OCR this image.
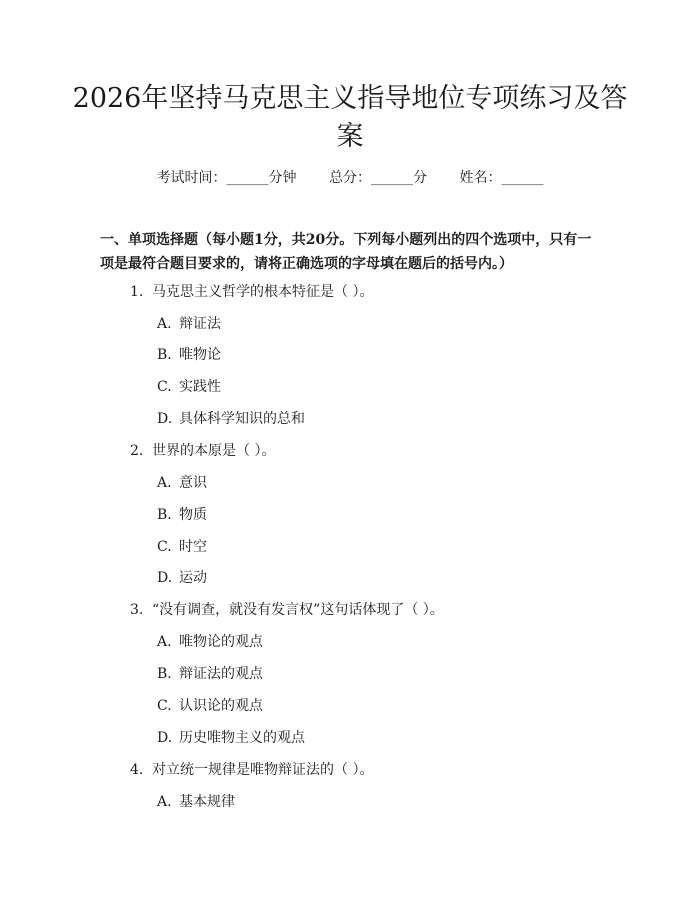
2026年坚持马克思主义指导地位专项练习及答案
考试时间：______分钟 总分：______分 姓名：______

一、单项选择题（每小题1分，共20分。下列每小题列出的四个选项中，只有一项是最符合题目要求的，请将正确选项的字母填在题后的括号内。）

1. 马克思主义哲学的根本特征是（ ）。
A. 辩证法
B. 唯物论
C. 实践性
D. 具体科学知识的总和
2. 世界的本原是（ ）。
A. 意识
B. 物质
C. 时空
D. 运动
3. “没有调查，就没有发言权”这句话体现了（ ）。
A. 唯物论的观点
B. 辩证法的观点
C. 认识论的观点
D. 历史唯物主义的观点
4. 对立统一规律是唯物辩证法的（ ）。
A. 基本规律
